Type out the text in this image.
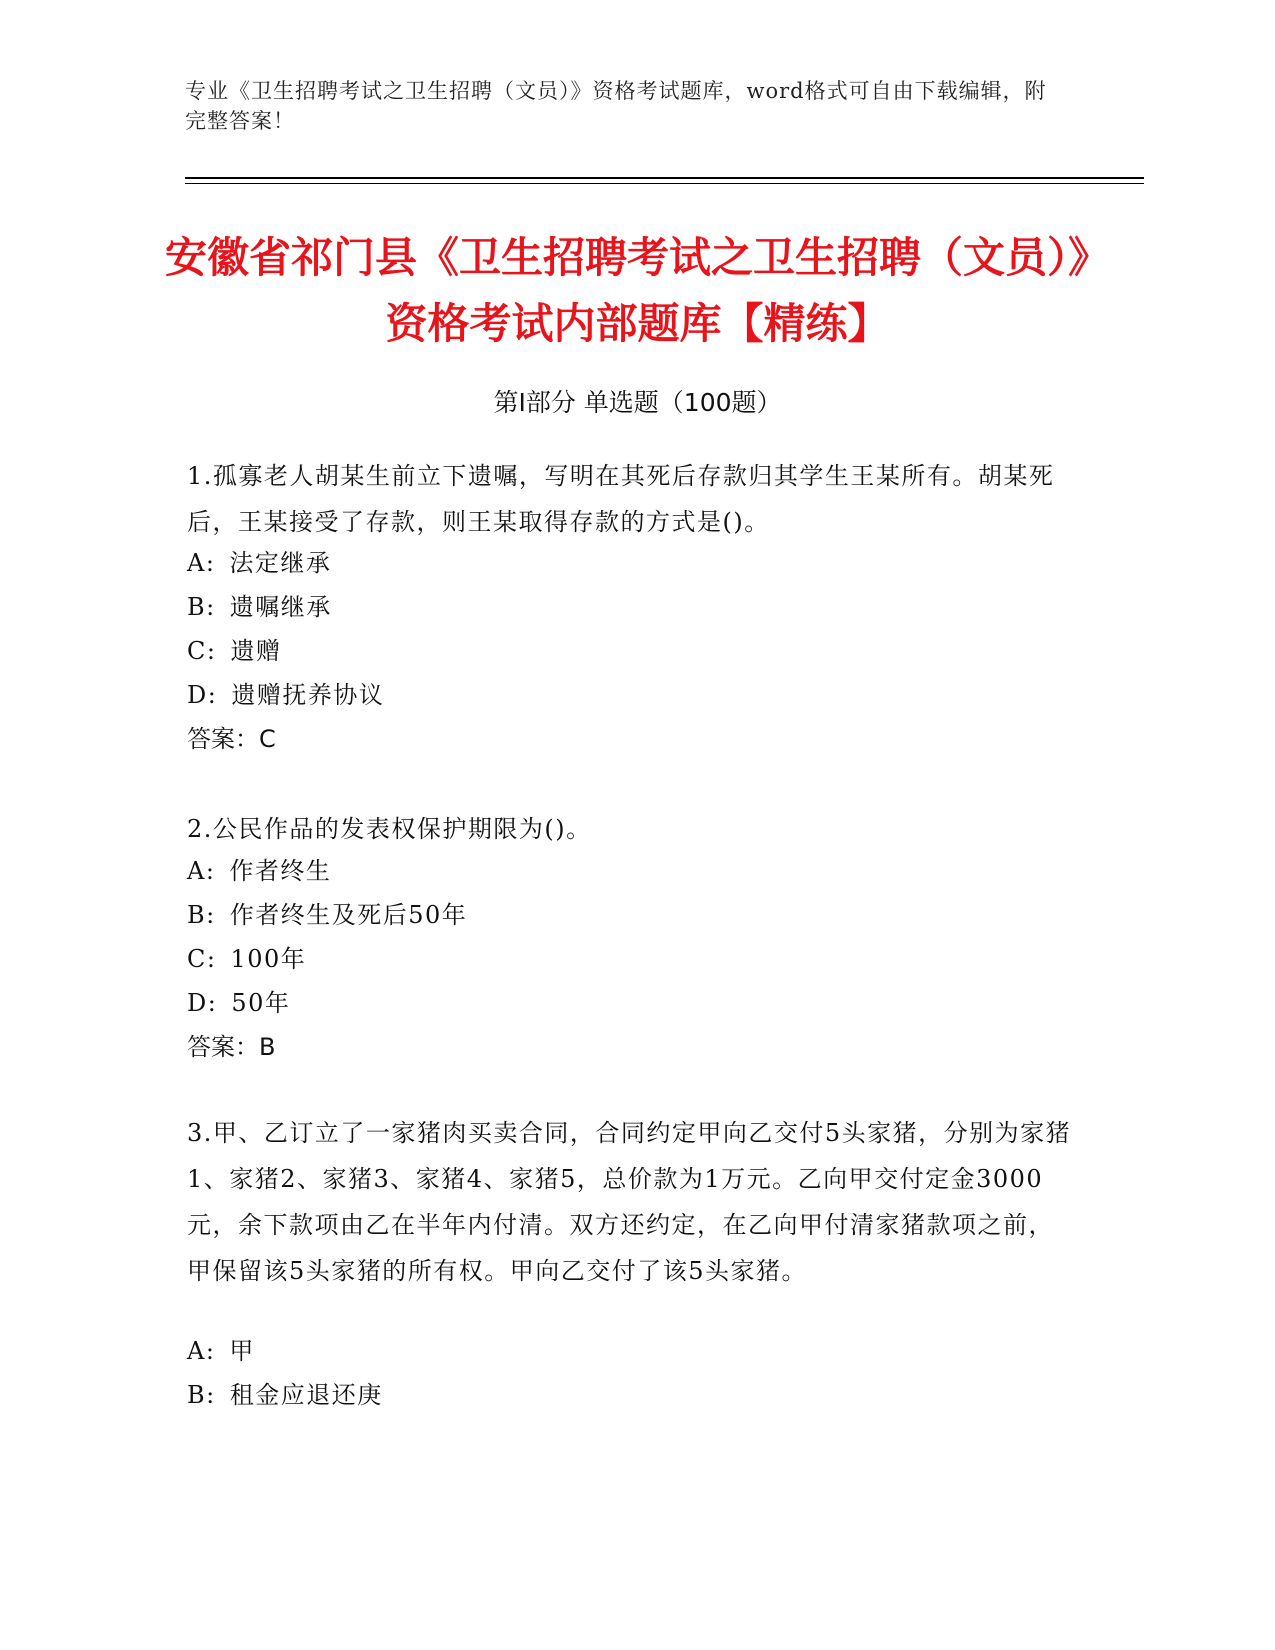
专业《卫生招聘考试之卫生招聘（文员）》资格考试题库，word格式可自由下载编辑，附完整答案！
安徽省祁门县《卫生招聘考试之卫生招聘（文员）》资格考试内部题库【精练】
第I部分 单选题（100题）
1.孤寡老人胡某生前立下遗嘱，写明在其死后存款归其学生王某所有。胡某死后，王某接受了存款，则王某取得存款的方式是()。
A: 法定继承
B: 遗嘱继承
C: 遗赠
D: 遗赠抚养协议
答案：C
2.公民作品的发表权保护期限为()。
A: 作者终生
B: 作者终生及死后50年
C: 100年
D: 50年
答案：B
3.甲、乙订立了一家猪肉买卖合同，合同约定甲向乙交付5头家猪，分别为家猪1、家猪2、家猪3、家猪4、家猪5，总价款为1万元。乙向甲交付定金3000元，余下款项由乙在半年内付清。双方还约定，在乙向甲付清家猪款项之前，甲保留该5头家猪的所有权。甲向乙交付了该5头家猪。
A: 甲
B: 租金应退还庚
